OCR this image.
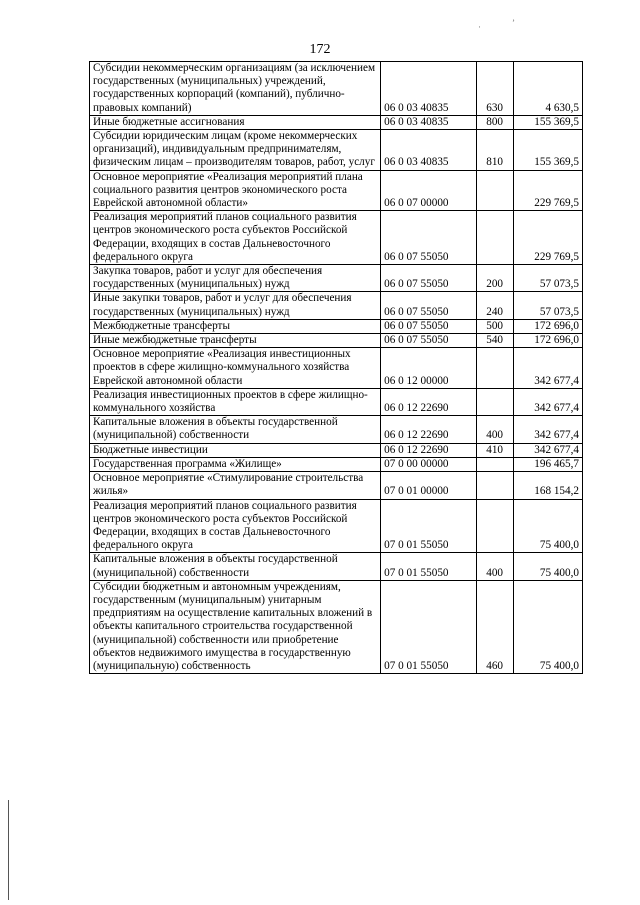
·	ʼ
172
Субсидии некоммерческим организациям (за исключением государственных (муниципальных) учреждений, государственных корпораций (компаний), публично-правовых компаний)	06 0 03 40835	630	4 630,5
Иные бюджетные ассигнования	06 0 03 40835	800	155 369,5
Субсидии юридическим лицам (кроме некоммерческих организаций), индивидуальным предпринимателям, физическим лицам – производителям товаров, работ, услуг	06 0 03 40835	810	155 369,5
Основное мероприятие «Реализация мероприятий плана социального развития центров экономического роста Еврейской автономной области»	06 0 07 00000		229 769,5
Реализация мероприятий планов социального развития центров экономического роста субъектов Российской Федерации, входящих в состав Дальневосточного федерального округа	06 0 07 55050		229 769,5
Закупка товаров, работ и услуг для обеспечения государственных (муниципальных) нужд	06 0 07 55050	200	57 073,5
Иные закупки товаров, работ и услуг для обеспечения государственных (муниципальных) нужд	06 0 07 55050	240	57 073,5
Межбюджетные трансферты	06 0 07 55050	500	172 696,0
Иные межбюджетные трансферты	06 0 07 55050	540	172 696,0
Основное мероприятие «Реализация инвестиционных проектов в сфере жилищно-коммунального хозяйства Еврейской автономной области	06 0 12 00000		342 677,4
Реализация инвестиционных проектов в сфере жилищно-коммунального хозяйства	06 0 12 22690		342 677,4
Капитальные вложения в объекты государственной (муниципальной) собственности	06 0 12 22690	400	342 677,4
Бюджетные инвестиции	06 0 12 22690	410	342 677,4
Государственная программа «Жилище»	07 0 00 00000		196 465,7
Основное мероприятие «Стимулирование строительства жилья»	07 0 01 00000		168 154,2
Реализация мероприятий планов социального развития центров экономического роста субъектов Российской Федерации, входящих в состав Дальневосточного федерального округа	07 0 01 55050		75 400,0
Капитальные вложения в объекты государственной (муниципальной) собственности	07 0 01 55050	400	75 400,0
Субсидии бюджетным и автономным учреждениям, государственным (муниципальным) унитарным предприятиям на осуществление капитальных вложений в объекты капитального строительства государственной (муниципальной) собственности или приобретение объектов недвижимого имущества в государственную (муниципальную) собственность	07 0 01 55050	460	75 400,0
